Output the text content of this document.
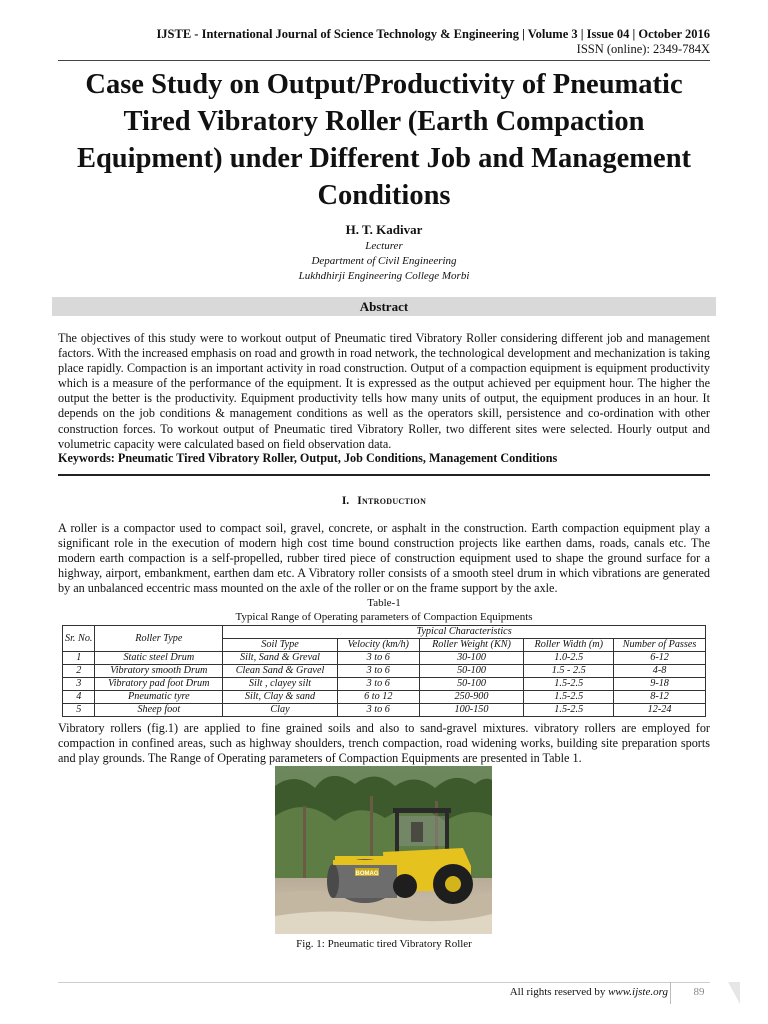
IJSTE - International Journal of Science Technology & Engineering | Volume 3 | Issue 04 | October 2016
ISSN (online): 2349-784X
Case Study on Output/Productivity of Pneumatic Tired Vibratory Roller (Earth Compaction Equipment) under Different Job and Management Conditions
H. T. Kadivar
Lecturer
Department of Civil Engineering
Lukhdhirji Engineering College Morbi
Abstract
The objectives of this study were to workout output of Pneumatic tired Vibratory Roller considering different job and management factors. With the increased emphasis on road and growth in road network, the technological development and mechanization is taking place rapidly. Compaction is an important activity in road construction. Output of a compaction equipment is equipment productivity which is a measure of the performance of the equipment. It is expressed as the output achieved per equipment hour. The higher the output the better is the productivity. Equipment productivity tells how many units of output, the equipment produces in an hour. It depends on the job conditions & management conditions as well as the operators skill, persistence and co-ordination with other construction forces. To workout output of Pneumatic tired Vibratory Roller, two different sites were selected. Hourly output and volumetric capacity were calculated based on field observation data.
Keywords: Pneumatic Tired Vibratory Roller, Output, Job Conditions, Management Conditions
I. Introduction
A roller is a compactor used to compact soil, gravel, concrete, or asphalt in the construction. Earth compaction equipment play a significant role in the execution of modern high cost time bound construction projects like earthen dams, roads, canals etc. The modern earth compaction is a self-propelled, rubber tired piece of construction equipment used to shape the ground surface for a highway, airport, embankment, earthen dam etc. A Vibratory roller consists of a smooth steel drum in which vibrations are generated by an unbalanced eccentric mass mounted on the axle of the roller or on the frame support by the axle.
Table-1
Typical Range of Operating parameters of Compaction Equipments
Sr. No.	Roller Type	Typical Characteristics				
		Soil Type	Velocity (km/h)	Roller Weight (KN)	Roller Width (m)	Number of Passes
1	Static steel Drum	Silt, Sand & Greval	3 to 6	30-100	1.0-2.5	6-12
2	Vibratory smooth Drum	Clean Sand & Gravel	3 to 6	50-100	1.5 - 2.5	4-8
3	Vibratory pad foot Drum	Silt , clayey silt	3 to 6	50-100	1.5-2.5	9-18
4	Pneumatic tyre	Silt, Clay & sand	6 to 12	250-900	1.5-2.5	8-12
5	Sheep foot	Clay	3 to 6	100-150	1.5-2.5	12-24
Vibratory rollers (fig.1) are applied to fine grained soils and also to sand-gravel mixtures. vibratory rollers are employed for compaction in confined areas, such as highway shoulders, trench compaction, road widening works, building site preparation sports and play grounds. The Range of Operating parameters of Compaction Equipments are presented in Table 1.
BOMAG
Fig. 1: Pneumatic tired Vibratory Roller
All rights reserved by www.ijste.org	89
